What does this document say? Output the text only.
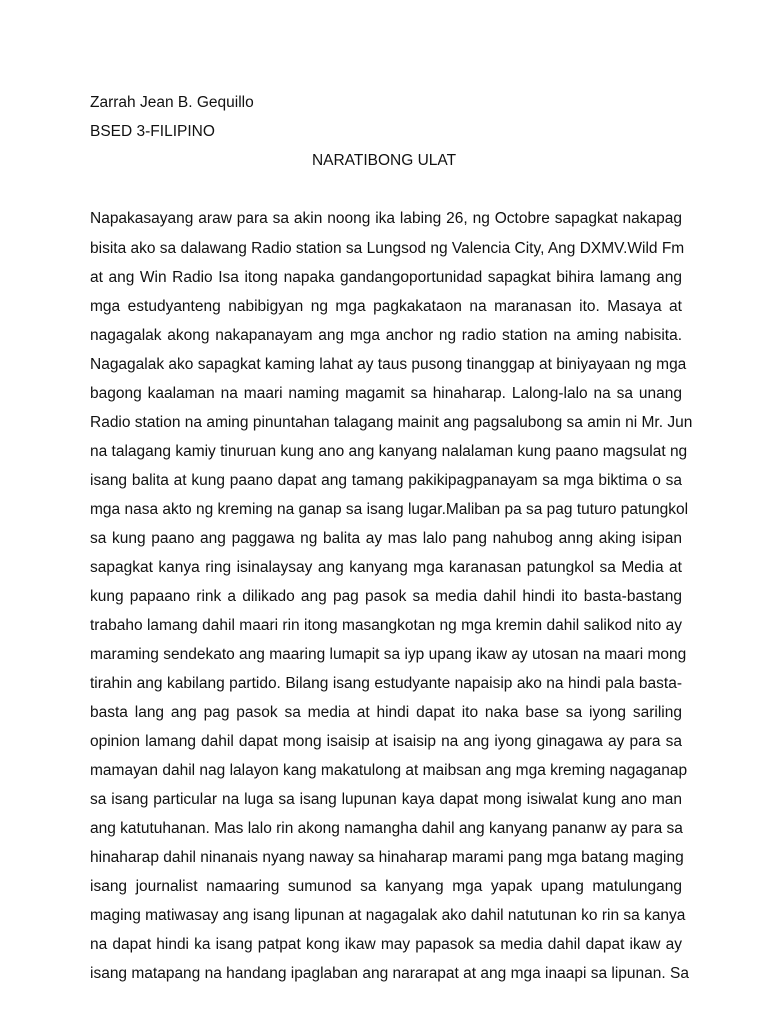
Zarrah Jean B. Gequillo
BSED 3-FILIPINO
NARATIBONG ULAT
Napakasayang araw para sa akin noong ika labing 26, ng Octobre sapagkat nakapag
bisita ako sa dalawang Radio station sa Lungsod ng Valencia City, Ang DXMV.Wild Fm
at ang Win Radio Isa itong napaka gandangoportunidad sapagkat bihira lamang ang
mga estudyanteng nabibigyan ng mga pagkakataon na maranasan ito. Masaya at
nagagalak akong nakapanayam ang mga anchor ng radio station na aming nabisita.
Nagagalak ako sapagkat kaming lahat ay taus pusong tinanggap at biniyayaan ng mga
bagong kaalaman na maari naming magamit sa hinaharap. Lalong-lalo na sa unang
Radio station na aming pinuntahan talagang mainit ang pagsalubong sa amin ni Mr. Jun
na talagang kamiy tinuruan kung ano ang kanyang nalalaman kung paano magsulat ng
isang balita at kung paano dapat ang tamang pakikipagpanayam sa mga biktima o sa
mga nasa akto ng kreming na ganap sa isang lugar.Maliban pa sa pag tuturo patungkol
sa kung paano ang paggawa ng balita ay mas lalo pang nahubog anng aking isipan
sapagkat kanya ring isinalaysay ang kanyang mga karanasan patungkol sa Media at
kung papaano rink a dilikado ang pag pasok sa media dahil hindi ito basta-bastang
trabaho lamang dahil maari rin itong masangkotan ng mga kremin dahil salikod nito ay
maraming sendekato ang maaring lumapit sa iyp upang ikaw ay utosan na maari mong
tirahin ang kabilang partido. Bilang isang estudyante napaisip ako na hindi pala basta-
basta lang ang pag pasok sa media at hindi dapat ito naka base sa iyong sariling
opinion lamang dahil dapat mong isaisip at isaisip na ang iyong ginagawa ay para sa
mamayan dahil nag lalayon kang makatulong at maibsan ang mga kreming nagaganap
sa isang particular na luga sa isang lupunan kaya dapat mong isiwalat kung ano man
ang katutuhanan. Mas lalo rin akong namangha dahil ang kanyang pananw ay para sa
hinaharap dahil ninanais nyang naway sa hinaharap marami pang mga batang maging
isang journalist namaaring sumunod sa kanyang mga yapak upang matulungang
maging matiwasay ang isang lipunan at nagagalak ako dahil natutunan ko rin sa kanya
na dapat hindi ka isang patpat kong ikaw may papasok sa media dahil dapat ikaw ay
isang matapang na handang ipaglaban ang nararapat at ang mga inaapi sa lipunan. Sa
